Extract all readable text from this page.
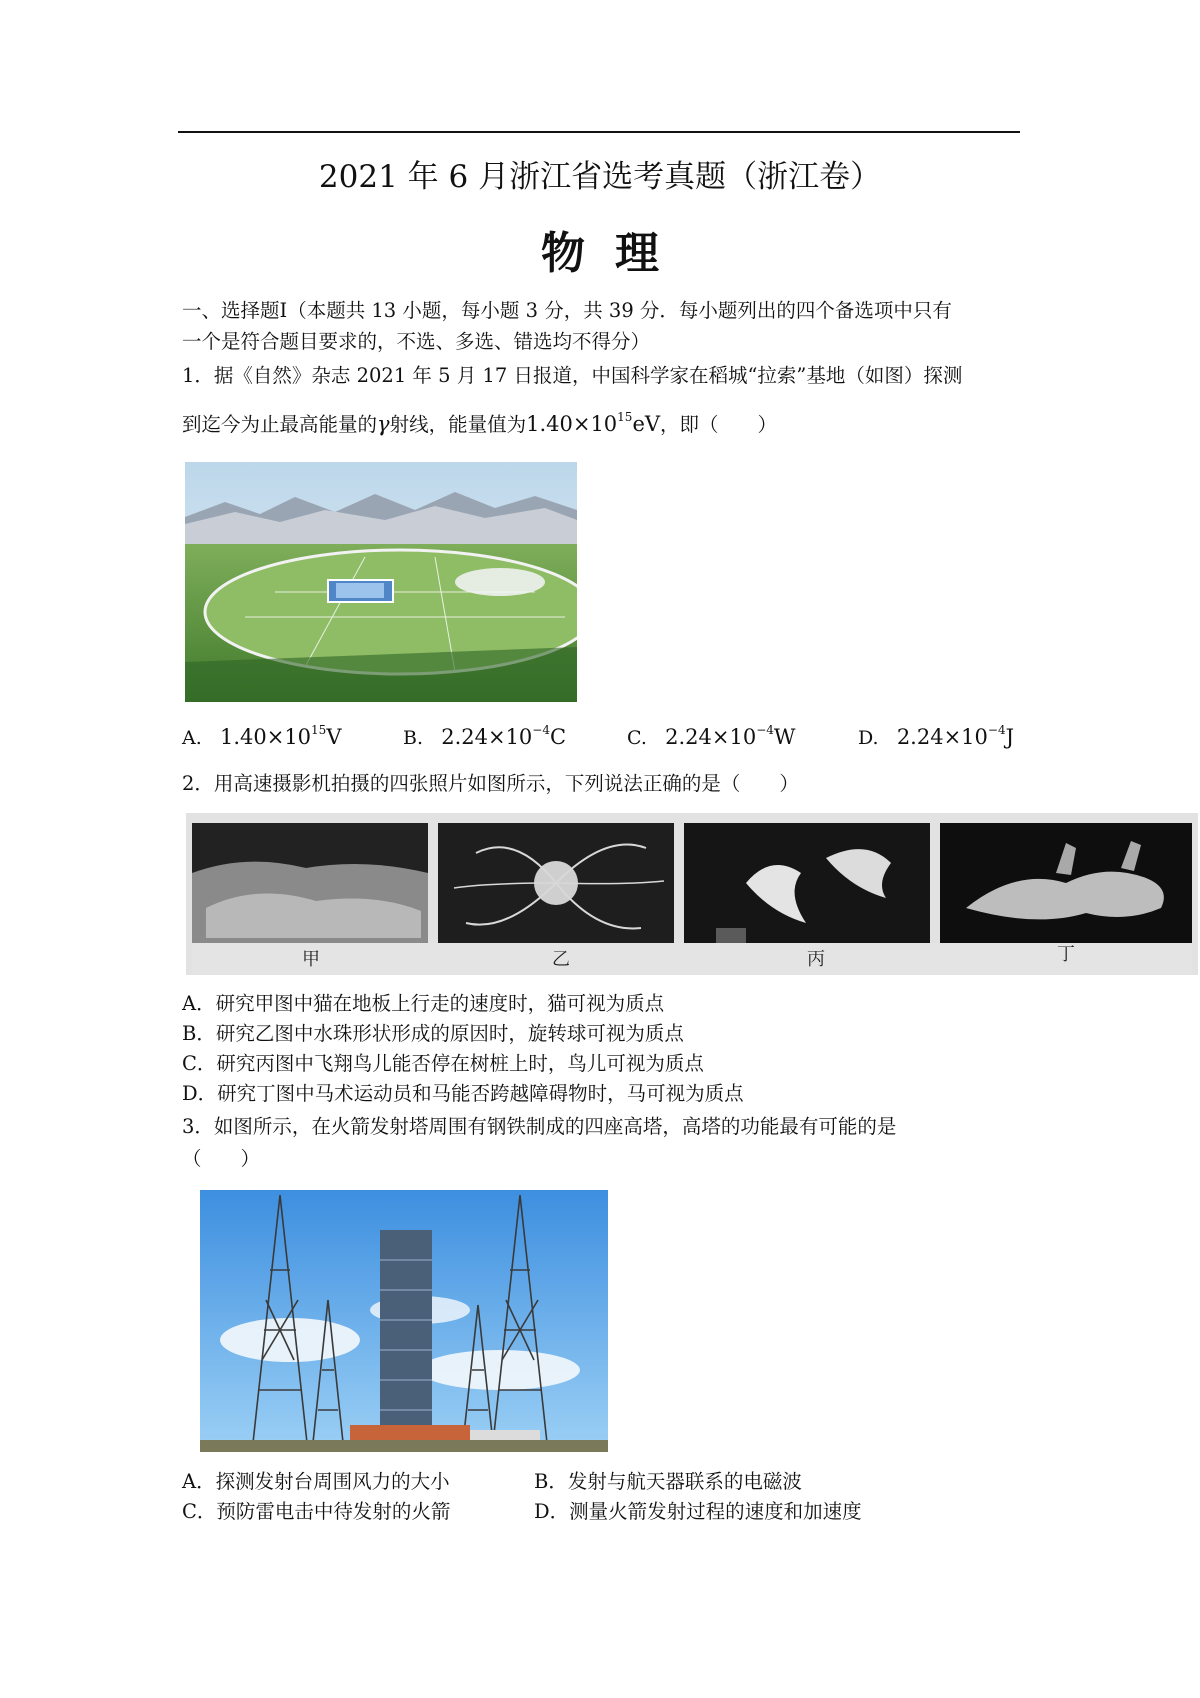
2021 年 6 月浙江省选考真题（浙江卷）
物理
一、选择题Ⅰ（本题共 13 小题，每小题 3 分，共 39 分．每小题列出的四个备选项中只有
一个是符合题目要求的，不选、多选、错选均不得分）
1．据《自然》杂志 2021 年 5 月 17 日报道，中国科学家在稻城“拉索”基地（如图）探测
到迄今为止最高能量的γ射线，能量值为$1.40\times 10^{15}eV$，即（　　）
A. $1.40\times 10^{15}V$	B. $2.24\times 10^{-4}C$	C. $2.24\times 10^{-4}W$	D. $2.24\times 10^{-4}J$
2．用高速摄影机拍摄的四张照片如图所示，下列说法正确的是（　　）
甲	乙	丙	丁
A．研究甲图中猫在地板上行走的速度时，猫可视为质点
B．研究乙图中水珠形状形成的原因时，旋转球可视为质点
C．研究丙图中飞翔鸟儿能否停在树桩上时，鸟儿可视为质点
D．研究丁图中马术运动员和马能否跨越障碍物时，马可视为质点
3．如图所示，在火箭发射塔周围有钢铁制成的四座高塔，高塔的功能最有可能的是
（　　）
A．探测发射台周围风力的大小	B．发射与航天器联系的电磁波
C．预防雷电击中待发射的火箭	D．测量火箭发射过程的速度和加速度
